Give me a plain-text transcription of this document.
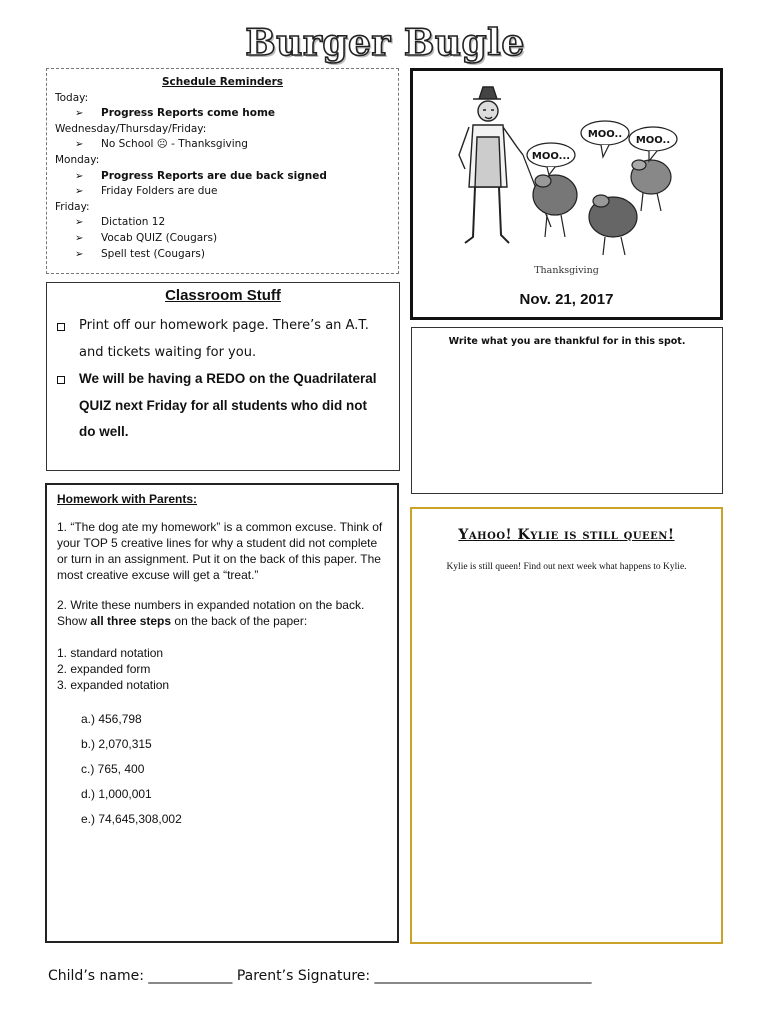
Burger Bugle
Schedule Reminders
Today:
➢ Progress Reports come home
Wednesday/Thursday/Friday:
➢ No School ☹ - Thanksgiving
Monday:
➢ Progress Reports are due back signed
➢ Friday Folders are due
Friday:
➢ Dictation 12
➢ Vocab QUIZ (Cougars)
➢ Spell test (Cougars)
MOO...
MOO..
MOO..
Thanksgiving
Nov. 21, 2017
Classroom Stuff
Print off our homework page. There’s an A.T. and tickets waiting for you.
We will be having a REDO on the Quadrilateral QUIZ next Friday for all students who did not do well.
Write what you are thankful for in this spot.
Homework with Parents:

1. “The dog ate my homework” is a common excuse. Think of your TOP 5 creative lines for why a student did not complete or turn in an assignment. Put it on the back of this paper. The most creative excuse will get a “treat.”

2. Write these numbers in expanded notation on the back. Show all three steps on the back of the paper:

1. standard notation
2. expanded form
3. expanded notation
a.) 456,798
b.) 2,070,315
c.) 765, 400
d.) 1,000,001
e.) 74,645,308,002
Yahoo! Kylie is still queen!
Kylie is still queen! Find out next week what happens to Kylie.
Child’s name: ____________ Parent’s Signature: _______________________________
